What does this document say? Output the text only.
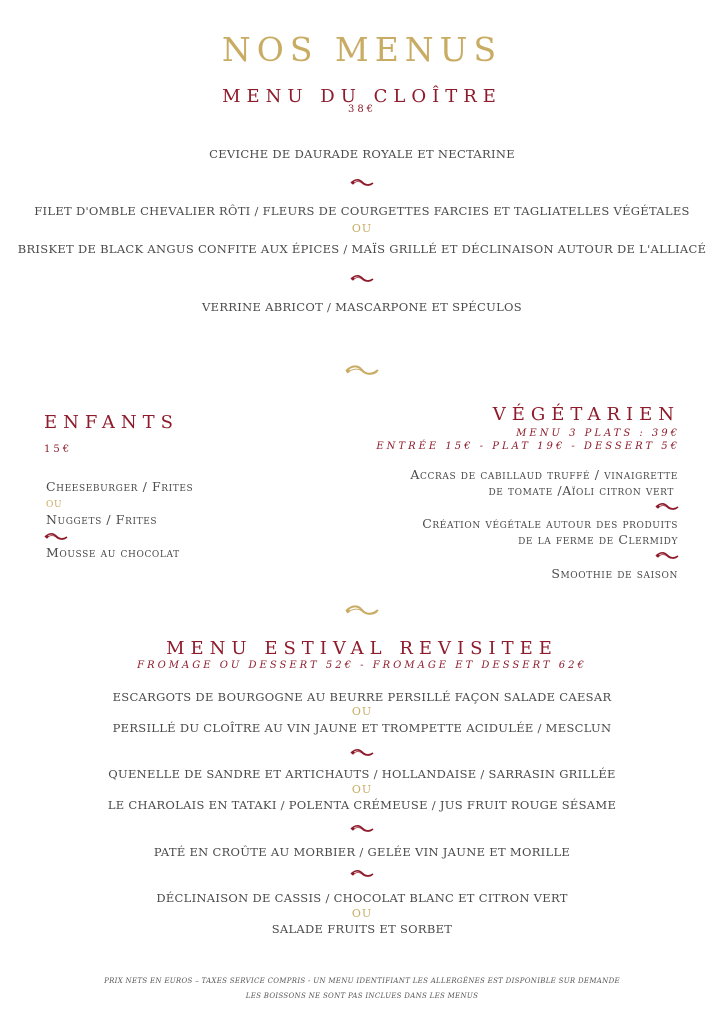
NOS MENUS
MENU DU CLOÎTRE
38€
CEVICHE DE DAURADE ROYALE ET NECTARINE
FILET D'OMBLE CHEVALIER RÔTI / FLEURS DE COURGETTES FARCIES ET TAGLIATELLES VÉGÉTALES
OU
BRISKET DE BLACK ANGUS CONFITE AUX ÉPICES / MAÏS GRILLÉ ET DÉCLINAISON AUTOUR DE L'ALLIACÉ
VERRINE ABRICOT / MASCARPONE ET SPÉCULOS
ENFANTS
15€
Cheeseburger / Frites
ou
Nuggets / Frites
Mousse au chocolat
VÉGÉTARIEN
MENU 3 PLATS : 39€
ENTRÉE 15€ - PLAT 19€ - DESSERT 5€
Accras de cabillaud truffé / vinaigrette
de tomate /Aïoli citron vert
Création végétale autour des produits
de la ferme de Clermidy
Smoothie de saison
MENU ESTIVAL REVISITEE
FROMAGE OU DESSERT 52€ - FROMAGE ET DESSERT 62€
ESCARGOTS DE BOURGOGNE AU BEURRE PERSILLÉ FAÇON SALADE CAESAR
OU
PERSILLÉ DU CLOÎTRE AU VIN JAUNE ET TROMPETTE ACIDULÉE / MESCLUN
QUENELLE DE SANDRE ET ARTICHAUTS / HOLLANDAISE / SARRASIN GRILLÉE
OU
LE CHAROLAIS EN TATAKI / POLENTA CRÉMEUSE / JUS FRUIT ROUGE SÉSAME
PATÉ EN CROÛTE AU MORBIER / GELÉE VIN JAUNE ET MORILLE
DÉCLINAISON DE CASSIS / CHOCOLAT BLANC ET CITRON VERT
OU
SALADE FRUITS ET SORBET
PRIX NETS EN EUROS – TAXES SERVICE COMPRIS - UN MENU IDENTIFIANT LES ALLERGÈNES EST DISPONIBLE SUR DEMANDE
LES BOISSONS NE SONT PAS INCLUES DANS LES MENUS
